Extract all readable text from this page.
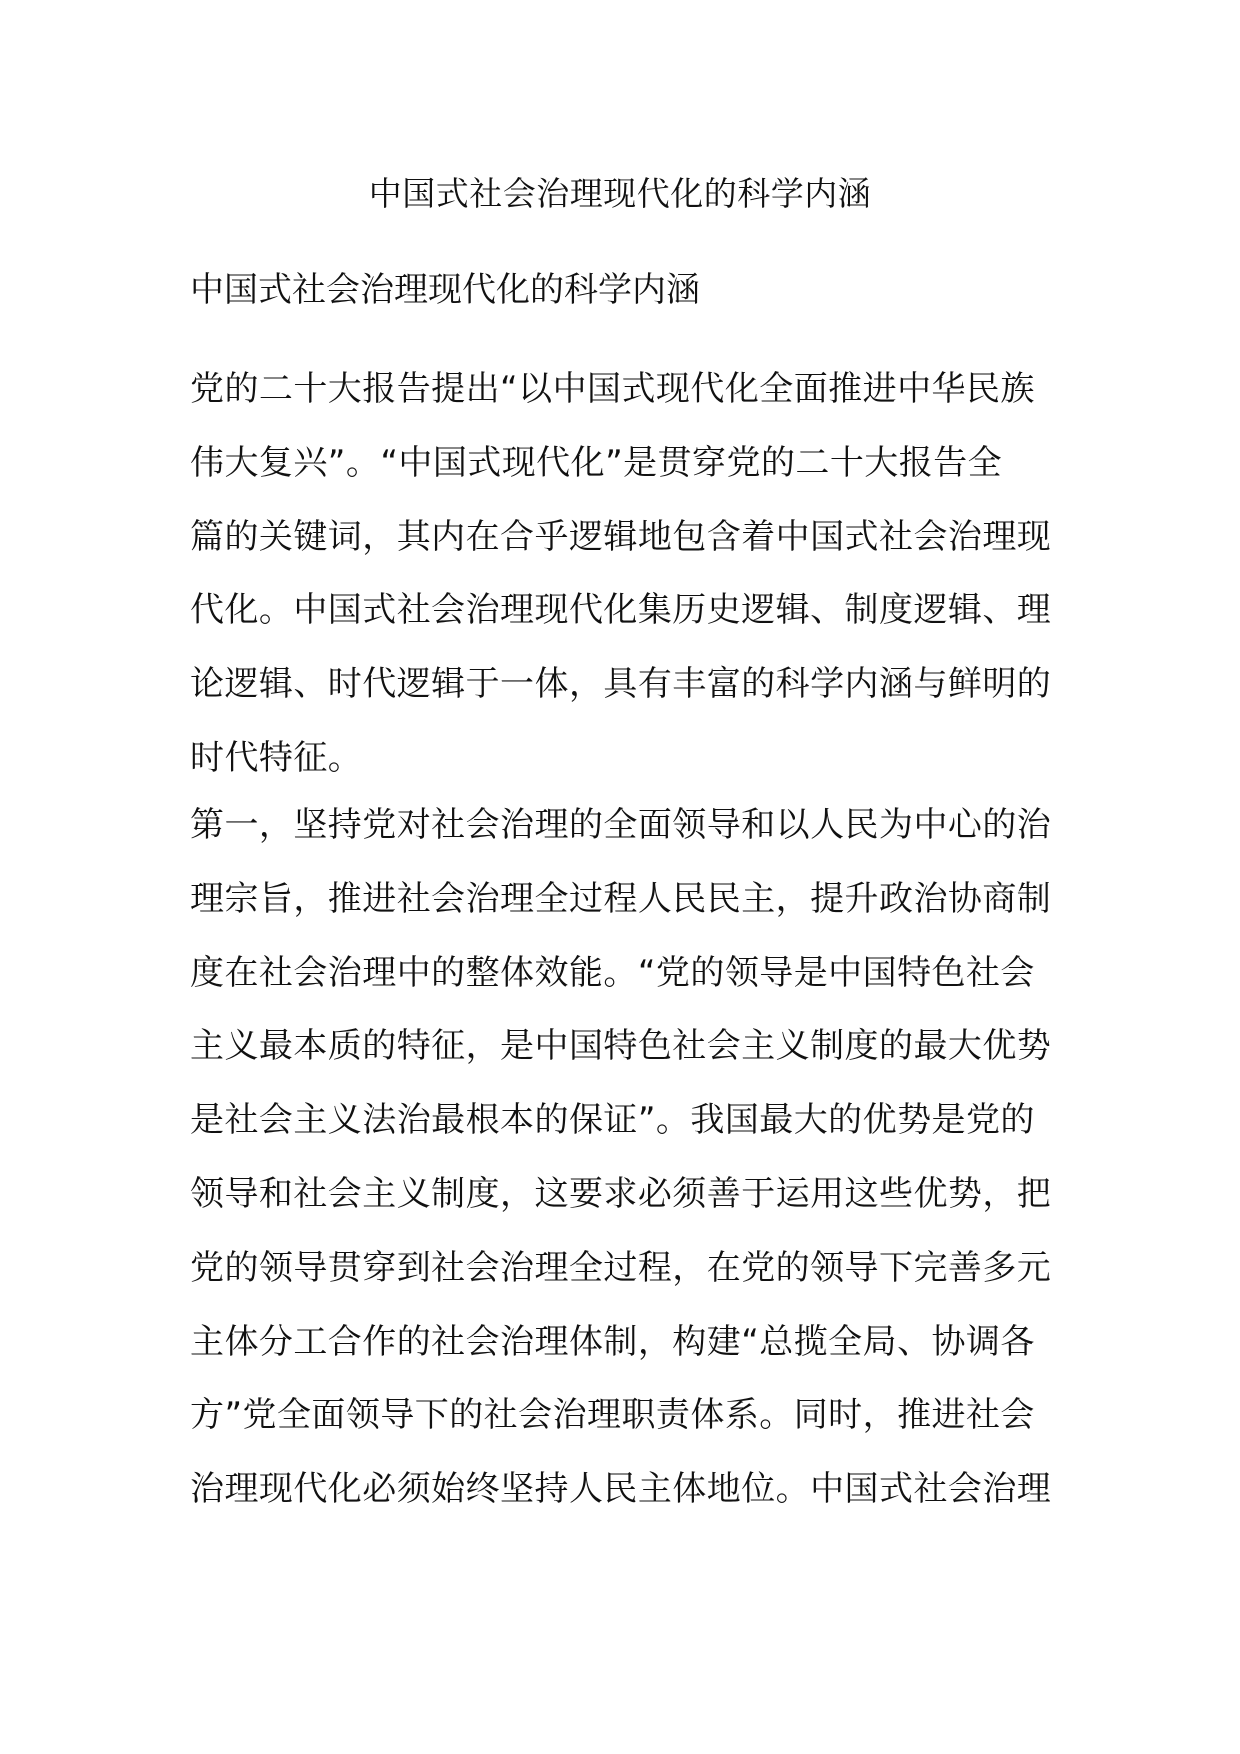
中国式社会治理现代化的科学内涵
中国式社会治理现代化的科学内涵
党的二十大报告提出“以中国式现代化全面推进中华民族
伟大复兴”。“中国式现代化”是贯穿党的二十大报告全
篇的关键词，其内在合乎逻辑地包含着中国式社会治理现
代化。中国式社会治理现代化集历史逻辑、制度逻辑、理
论逻辑、时代逻辑于一体，具有丰富的科学内涵与鲜明的
时代特征。
第一，坚持党对社会治理的全面领导和以人民为中心的治
理宗旨，推进社会治理全过程人民民主，提升政治协商制
度在社会治理中的整体效能。“党的领导是中国特色社会
主义最本质的特征，是中国特色社会主义制度的最大优势
是社会主义法治最根本的保证”。我国最大的优势是党的
领导和社会主义制度，这要求必须善于运用这些优势，把
党的领导贯穿到社会治理全过程，在党的领导下完善多元
主体分工合作的社会治理体制，构建“总揽全局、协调各
方”党全面领导下的社会治理职责体系。同时，推进社会
治理现代化必须始终坚持人民主体地位。中国式社会治理
